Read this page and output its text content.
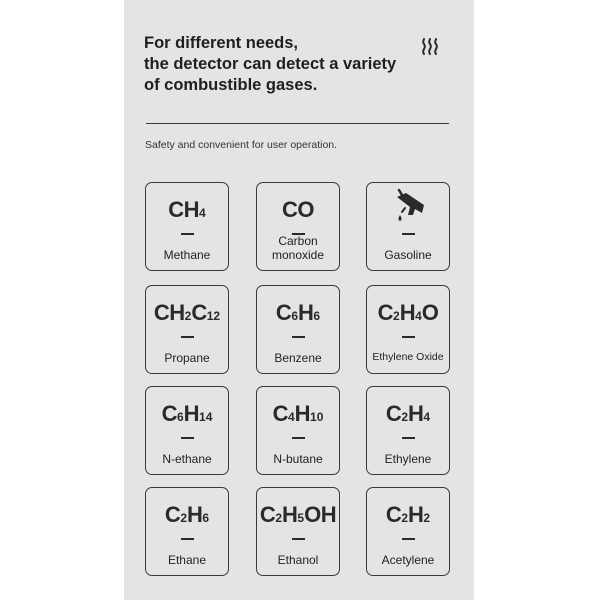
For different needs,
the detector can detect a variety
of combustible gases.

Safety and convenient for user operation.

CH4
Methane
CO
Carbon
monoxide	Gasoline
CH2C12
Propane
C6H6
Benzene
C2H4O
Ethylene Oxide
C6H14
N-ethane
C4H10
N-butane
C2H4
Ethylene
C2H6
Ethane
C2H5OH
Ethanol
C2H2
Acetylene
